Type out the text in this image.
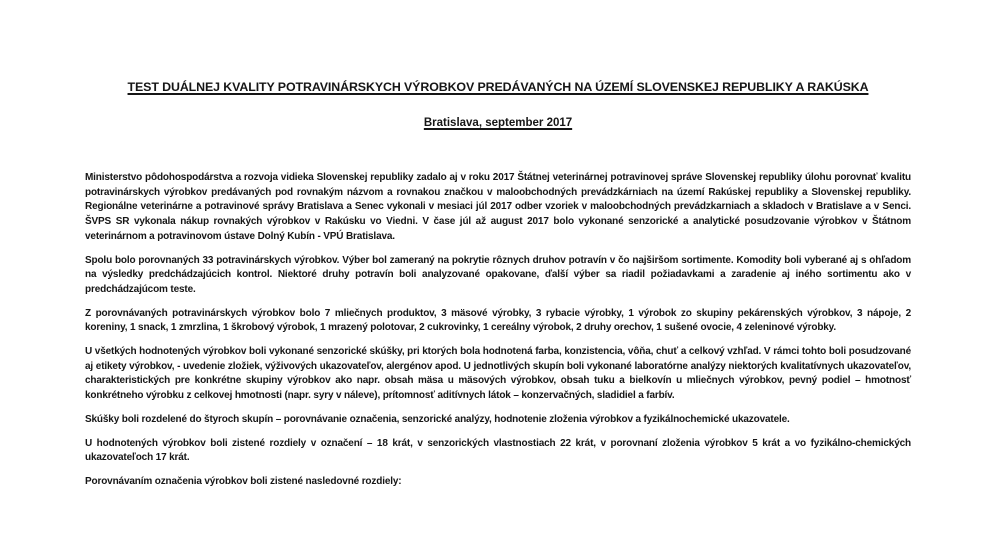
TEST DUÁLNEJ KVALITY POTRAVINÁRSKYCH VÝROBKOV PREDÁVANÝCH NA ÚZEMÍ SLOVENSKEJ REPUBLIKY A RAKÚSKA
Bratislava, september 2017

Ministerstvo pôdohospodárstva a rozvoja vidieka Slovenskej republiky zadalo aj v roku 2017 Štátnej veterinárnej potravinovej správe Slovenskej republiky úlohu porovnať kvalitu potravinárskych výrobkov predávaných pod rovnakým názvom a rovnakou značkou v maloobchodných prevádzkárniach na území Rakúskej republiky a Slovenskej republiky. Regionálne veterinárne a potravinové správy Bratislava a Senec vykonali v mesiaci júl 2017 odber vzoriek v maloobchodných prevádzkarniach a skladoch v Bratislave a v Senci. ŠVPS SR vykonala nákup rovnakých výrobkov v Rakúsku vo Viedni. V čase júl až august 2017 bolo vykonané senzorické a analytické posudzovanie výrobkov v Štátnom veterinárnom a potravinovom ústave Dolný Kubín - VPÚ Bratislava.

Spolu bolo porovnaných 33 potravinárskych výrobkov. Výber bol zameraný na pokrytie rôznych druhov potravín v čo najširšom sortimente. Komodity boli vyberané aj s ohľadom na výsledky predchádzajúcich kontrol. Niektoré druhy potravín boli analyzované opakovane, ďalší výber sa riadil požiadavkami a zaradenie aj iného sortimentu ako v predchádzajúcom teste.

Z porovnávaných potravinárskych výrobkov bolo 7 mliečnych produktov, 3 mäsové výrobky, 3 rybacie výrobky, 1 výrobok zo skupiny pekárenských výrobkov, 3 nápoje, 2 koreniny, 1 snack, 1 zmrzlina, 1 škrobový výrobok, 1 mrazený polotovar, 2 cukrovinky, 1 cereálny výrobok, 2 druhy orechov, 1 sušené ovocie, 4 zeleninové výrobky.

U všetkých hodnotených výrobkov boli vykonané senzorické skúšky, pri ktorých bola hodnotená farba, konzistencia, vôňa, chuť a celkový vzhľad. V rámci tohto boli posudzované aj etikety výrobkov, - uvedenie zložiek, výživových ukazovateľov, alergénov apod. U jednotlivých skupín boli vykonané laboratórne analýzy niektorých kvalitatívnych ukazovateľov, charakteristických pre konkrétne skupiny výrobkov ako napr. obsah mäsa u mäsových výrobkov, obsah tuku a bielkovín u mliečnych výrobkov, pevný podiel – hmotnosť konkrétneho výrobku z celkovej hmotnosti (napr. syry v náleve), prítomnosť aditívnych látok – konzervačných, sladidiel a farbív.

Skúšky boli rozdelené do štyroch skupín – porovnávanie označenia, senzorické analýzy, hodnotenie zloženia výrobkov a fyzikálnochemické ukazovatele.

U hodnotených výrobkov boli zistené rozdiely v označení – 18 krát, v senzorických vlastnostiach 22 krát, v porovnaní zloženia výrobkov 5 krát a vo fyzikálno-chemických ukazovateľoch 17 krát.

Porovnávaním označenia výrobkov boli zistené nasledovné rozdiely:
